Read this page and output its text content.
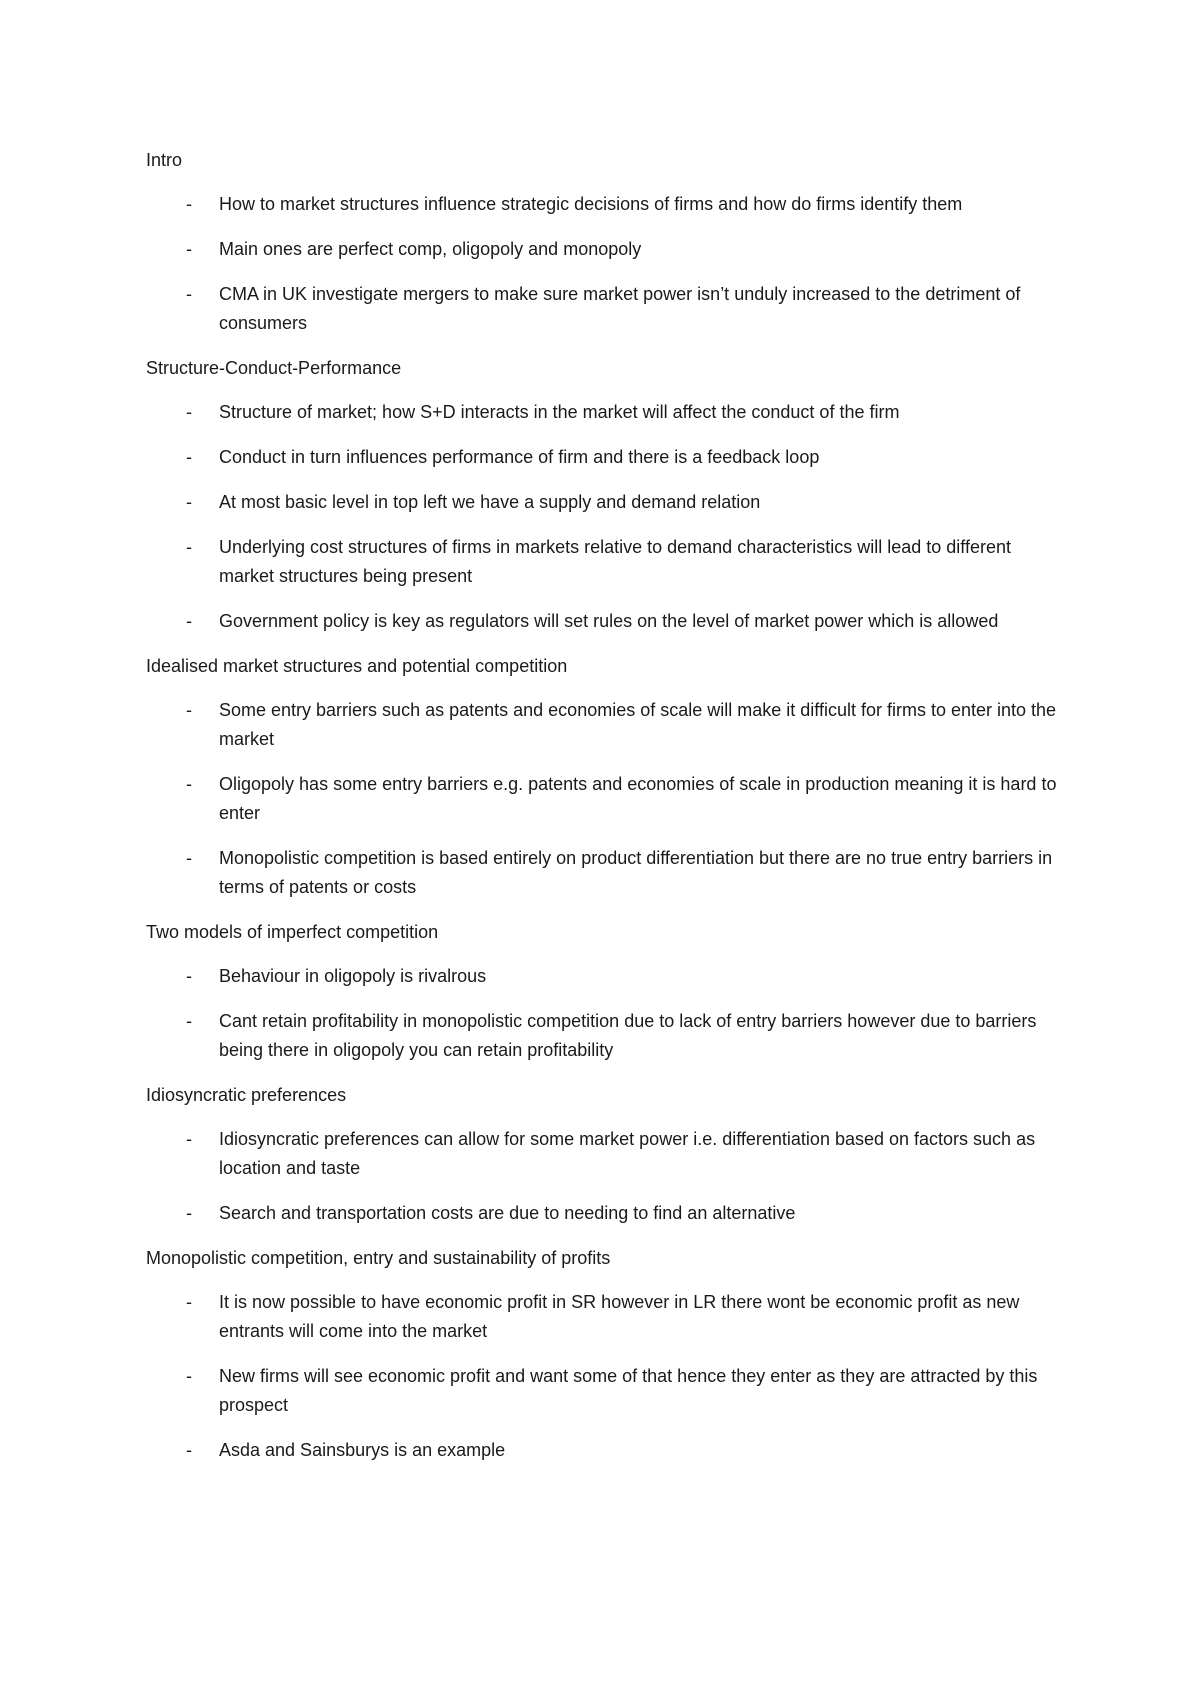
Intro
- How to market structures influence strategic decisions of firms and how do firms identify them
- Main ones are perfect comp, oligopoly and monopoly
- CMA in UK investigate mergers to make sure market power isn’t unduly increased to the detriment of consumers
Structure-Conduct-Performance
- Structure of market; how S+D interacts in the market will affect the conduct of the firm
- Conduct in turn influences performance of firm and there is a feedback loop
- At most basic level in top left we have a supply and demand relation
- Underlying cost structures of firms in markets relative to demand characteristics will lead to different market structures being present
- Government policy is key as regulators will set rules on the level of market power which is allowed
Idealised market structures and potential competition
- Some entry barriers such as patents and economies of scale will make it difficult for firms to enter into the market
- Oligopoly has some entry barriers e.g. patents and economies of scale in production meaning it is hard to enter
- Monopolistic competition is based entirely on product differentiation but there are no true entry barriers in terms of patents or costs
Two models of imperfect competition
- Behaviour in oligopoly is rivalrous
- Cant retain profitability in monopolistic competition due to lack of entry barriers however due to barriers being there in oligopoly you can retain profitability
Idiosyncratic preferences
- Idiosyncratic preferences can allow for some market power i.e. differentiation based on factors such as location and taste
- Search and transportation costs are due to needing to find an alternative
Monopolistic competition, entry and sustainability of profits
- It is now possible to have economic profit in SR however in LR there wont be economic profit as new entrants will come into the market
- New firms will see economic profit and want some of that hence they enter as they are attracted by this prospect
- Asda and Sainsburys is an example
